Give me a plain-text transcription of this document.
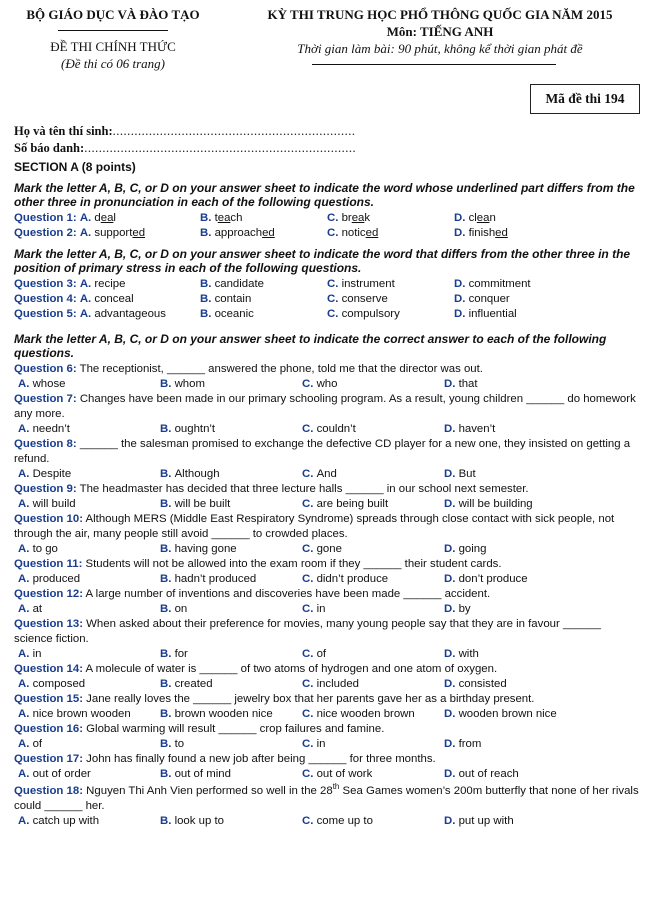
BỘ GIÁO DỤC VÀ ĐÀO TẠO
ĐỀ THI CHÍNH THỨC
(Đề thi có 06 trang)
KỲ THI TRUNG HỌC PHỔ THÔNG QUỐC GIA NĂM 2015
Môn: TIẾNG ANH
Thời gian làm bài: 90 phút, không kể thời gian phát đề
Mã đề thi 194
Họ và tên thí sinh:...................................................................
Số báo danh:...........................................................................
SECTION A (8 points)
Mark the letter A, B, C, or D on your answer sheet to indicate the word whose underlined part differs from the other three in pronunciation in each of the following questions.
Question 1: A. deal	B. teach	C. break	D. clean
Question 2: A. supported	B. approached	C. noticed	D. finished
Mark the letter A, B, C, or D on your answer sheet to indicate the word that differs from the other three in the position of primary stress in each of the following questions.
Question 3: A. recipe	B. candidate	C. instrument	D. commitment
Question 4: A. conceal	B. contain	C. conserve	D. conquer
Question 5: A. advantageous	B. oceanic	C. compulsory	D. influential
Mark the letter A, B, C, or D on your answer sheet to indicate the correct answer to each of the following questions.
Question 6: The receptionist, ______ answered the phone, told me that the director was out.
A. whose	B. whom	C. who	D. that
Question 7: Changes have been made in our primary schooling program. As a result, young children ______ do homework any more.
A. needn’t	B. oughtn’t	C. couldn’t	D. haven’t
Question 8: ______ the salesman promised to exchange the defective CD player for a new one, they insisted on getting a refund.
A. Despite	B. Although	C. And	D. But
Question 9: The headmaster has decided that three lecture halls ______ in our school next semester.
A. will build	B. will be built	C. are being built	D. will be building
Question 10: Although MERS (Middle East Respiratory Syndrome) spreads through close contact with sick people, not through the air, many people still avoid ______ to crowded places.
A. to go	B. having gone	C. gone	D. going
Question 11: Students will not be allowed into the exam room if they ______ their student cards.
A. produced	B. hadn’t produced	C. didn’t produce	D. don’t produce
Question 12: A large number of inventions and discoveries have been made ______ accident.
A. at	B. on	C. in	D. by
Question 13: When asked about their preference for movies, many young people say that they are in favour ______ science fiction.
A. in	B. for	C. of	D. with
Question 14: A molecule of water is ______ of two atoms of hydrogen and one atom of oxygen.
A. composed	B. created	C. included	D. consisted
Question 15: Jane really loves the ______ jewelry box that her parents gave her as a birthday present.
A. nice brown wooden	B. brown wooden nice	C. nice wooden brown	D. wooden brown nice
Question 16: Global warming will result ______ crop failures and famine.
A. of	B. to	C. in	D. from
Question 17: John has finally found a new job after being ______ for three months.
A. out of order	B. out of mind	C. out of work	D. out of reach
Question 18: Nguyen Thi Anh Vien performed so well in the 28th Sea Games women’s 200m butterfly that none of her rivals could ______ her.
A. catch up with	B. look up to	C. come up to	D. put up with
